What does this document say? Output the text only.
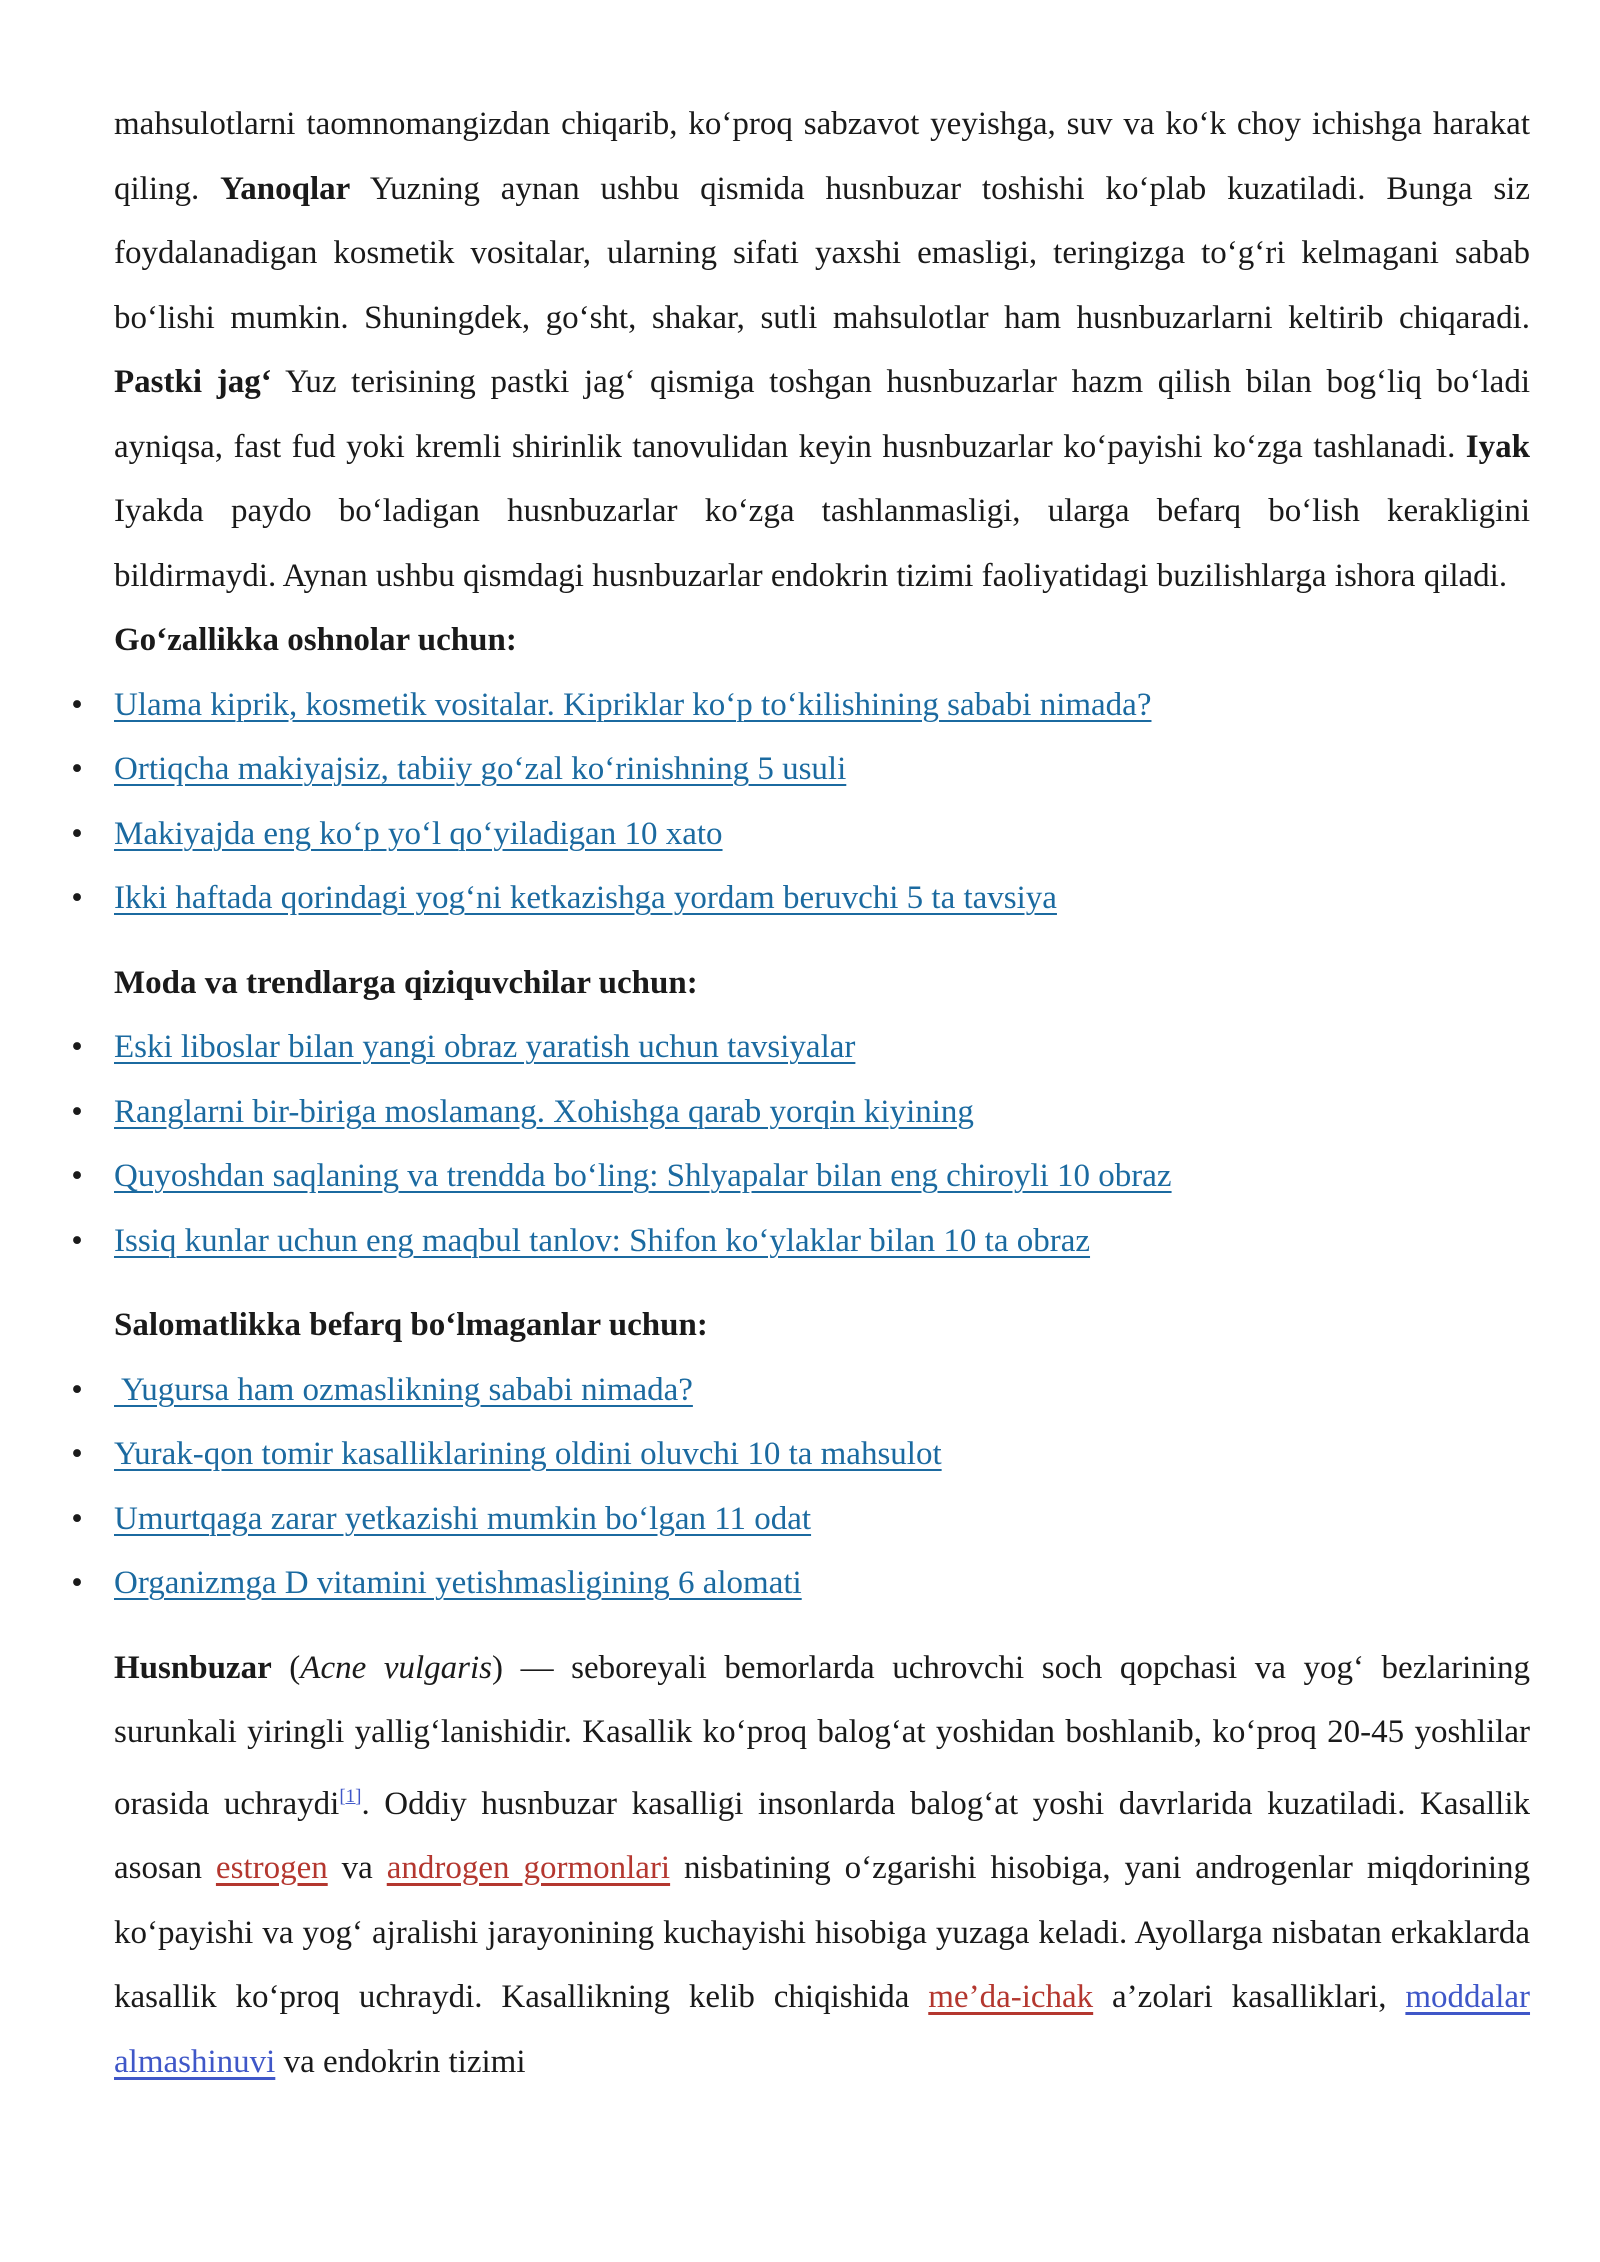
mahsulotlarni taomnomangizdan chiqarib, ko‘proq sabzavot yeyishga, suv va ko‘k choy ichishga harakat qiling. Yanoqlar Yuzning aynan ushbu qismida husnbuzar toshishi ko‘plab kuzatiladi. Bunga siz foydalanadigan kosmetik vositalar, ularning sifati yaxshi emasligi, teringizga to‘g‘ri kelmagani sabab bo‘lishi mumkin. Shuningdek, go‘sht, shakar, sutli mahsulotlar ham husnbuzarlarni keltirib chiqaradi. Pastki jag‘ Yuz terisining pastki jag‘ qismiga toshgan husnbuzarlar hazm qilish bilan bog‘liq bo‘ladi ayniqsa, fast fud yoki kremli shirinlik tanovulidan keyin husnbuzarlar ko‘payishi ko‘zga tashlanadi. Iyak Iyakda paydo bo‘ladigan husnbuzarlar ko‘zga tashlanmasligi, ularga befarq bo‘lish kerakligini bildirmaydi. Aynan ushbu qismdagi husnbuzarlar endokrin tizimi faoliyatidagi buzilishlarga ishora qiladi.

Go‘zallikka oshnolar uchun:

• Ulama kiprik, kosmetik vositalar. Kipriklar ko‘p to‘kilishining sababi nimada?
• Ortiqcha makiyajsiz, tabiiy go‘zal ko‘rinishning 5 usuli
• Makiyajda eng ko‘p yo‘l qo‘yiladigan 10 xato
• Ikki haftada qorindagi yog‘ni ketkazishga yordam beruvchi 5 ta tavsiya

Moda va trendlarga qiziquvchilar uchun:

• Eski liboslar bilan yangi obraz yaratish uchun tavsiyalar
• Ranglarni bir-biriga moslamang. Xohishga qarab yorqin kiyining
• Quyoshdan saqlaning va trendda bo‘ling: Shlyapalar bilan eng chiroyli 10 obraz
• Issiq kunlar uchun eng maqbul tanlov: Shifon ko‘ylaklar bilan 10 ta obraz

Salomatlikka befarq bo‘lmaganlar uchun:

• Yugursa ham ozmaslikning sababi nimada?
• Yurak-qon tomir kasalliklarining oldini oluvchi 10 ta mahsulot
• Umurtqaga zarar yetkazishi mumkin bo‘lgan 11 odat
• Organizmga D vitamini yetishmasligining 6 alomati

Husnbuzar (Acne vulgaris) — seboreyali bemorlarda uchrovchi soch qopchasi va yog‘ bezlarining surunkali yiringli yallig‘lanishidir. Kasallik ko‘proq balog‘at yoshidan boshlanib, ko‘proq 20-45 yoshlilar orasida uchraydi[1]. Oddiy husnbuzar kasalligi insonlarda balog‘at yoshi davrlarida kuzatiladi. Kasallik asosan estrogen va androgen gormonlari nisbatining o‘zgarishi hisobiga, yani androgenlar miqdorining ko‘payishi va yog‘ ajralishi jarayonining kuchayishi hisobiga yuzaga keladi. Ayollarga nisbatan erkaklarda kasallik ko‘proq uchraydi. Kasallikning kelib chiqishida me’da-ichak a’zolari kasalliklari, moddalar almashinuvi va endokrin tizimi
